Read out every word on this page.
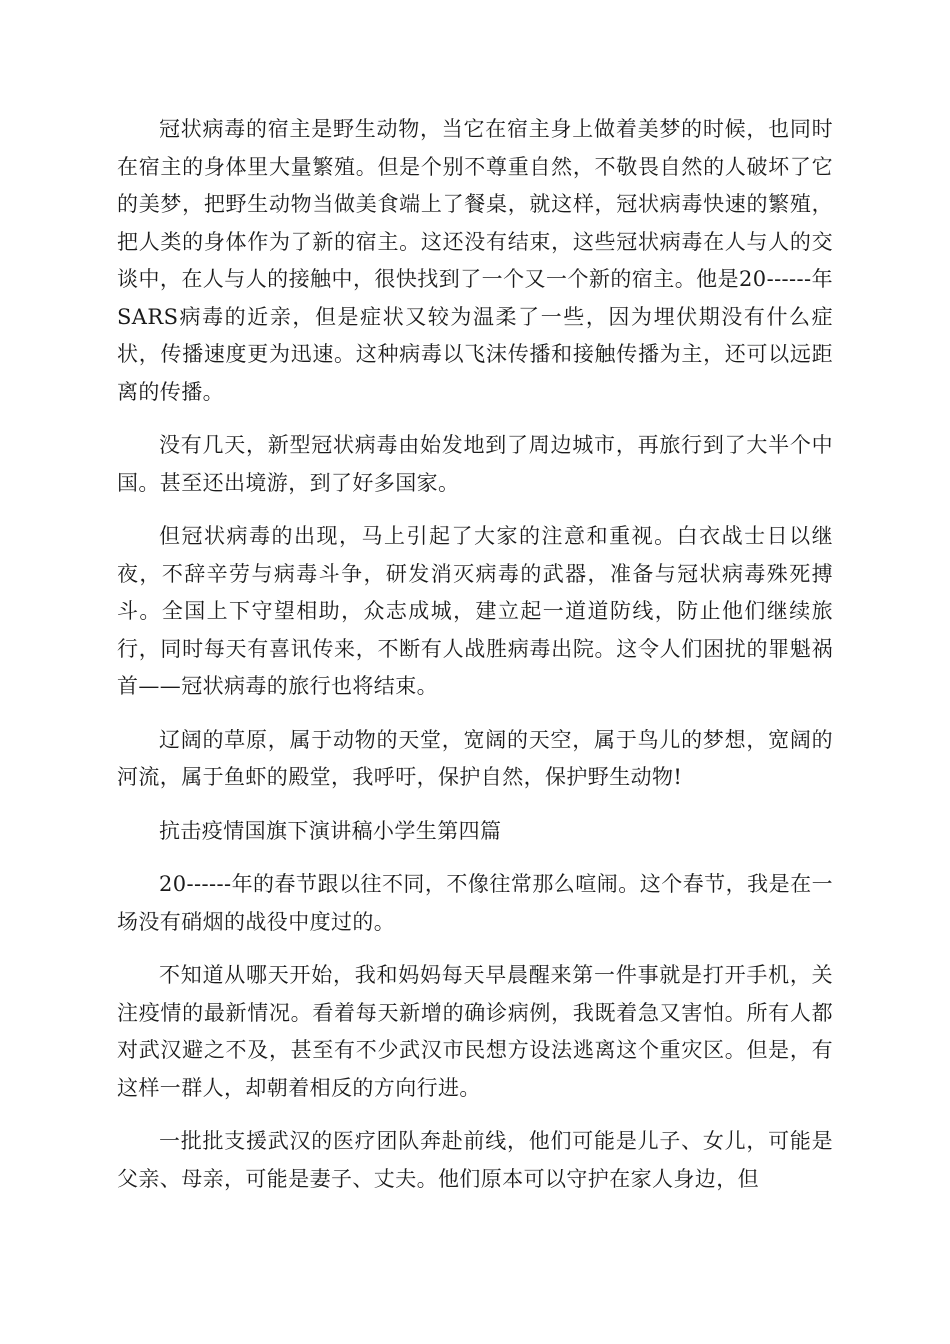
冠状病毒的宿主是野生动物，当它在宿主身上做着美梦的时候，也同时在宿主的身体里大量繁殖。但是个别不尊重自然，不敬畏自然的人破坏了它的美梦，把野生动物当做美食端上了餐桌，就这样，冠状病毒快速的繁殖，把人类的身体作为了新的宿主。这还没有结束，这些冠状病毒在人与人的交谈中，在人与人的接触中，很快找到了一个又一个新的宿主。他是20------年SARS病毒的近亲，但是症状又较为温柔了一些，因为埋伏期没有什么症状，传播速度更为迅速。这种病毒以飞沫传播和接触传播为主，还可以远距离的传播。

没有几天，新型冠状病毒由始发地到了周边城市，再旅行到了大半个中国。甚至还出境游，到了好多国家。

但冠状病毒的出现，马上引起了大家的注意和重视。白衣战士日以继夜，不辞辛劳与病毒斗争，研发消灭病毒的武器，准备与冠状病毒殊死搏斗。全国上下守望相助，众志成城，建立起一道道防线，防止他们继续旅行，同时每天有喜讯传来，不断有人战胜病毒出院。这令人们困扰的罪魁祸首——冠状病毒的旅行也将结束。

辽阔的草原，属于动物的天堂，宽阔的天空，属于鸟儿的梦想，宽阔的河流，属于鱼虾的殿堂，我呼吁，保护自然，保护野生动物!

抗击疫情国旗下演讲稿小学生第四篇

20------年的春节跟以往不同，不像往常那么喧闹。这个春节，我是在一场没有硝烟的战役中度过的。

不知道从哪天开始，我和妈妈每天早晨醒来第一件事就是打开手机，关注疫情的最新情况。看着每天新增的确诊病例，我既着急又害怕。所有人都对武汉避之不及，甚至有不少武汉市民想方设法逃离这个重灾区。但是，有这样一群人，却朝着相反的方向行进。

一批批支援武汉的医疗团队奔赴前线，他们可能是儿子、女儿，可能是父亲、母亲，可能是妻子、丈夫。他们原本可以守护在家人身边，但
